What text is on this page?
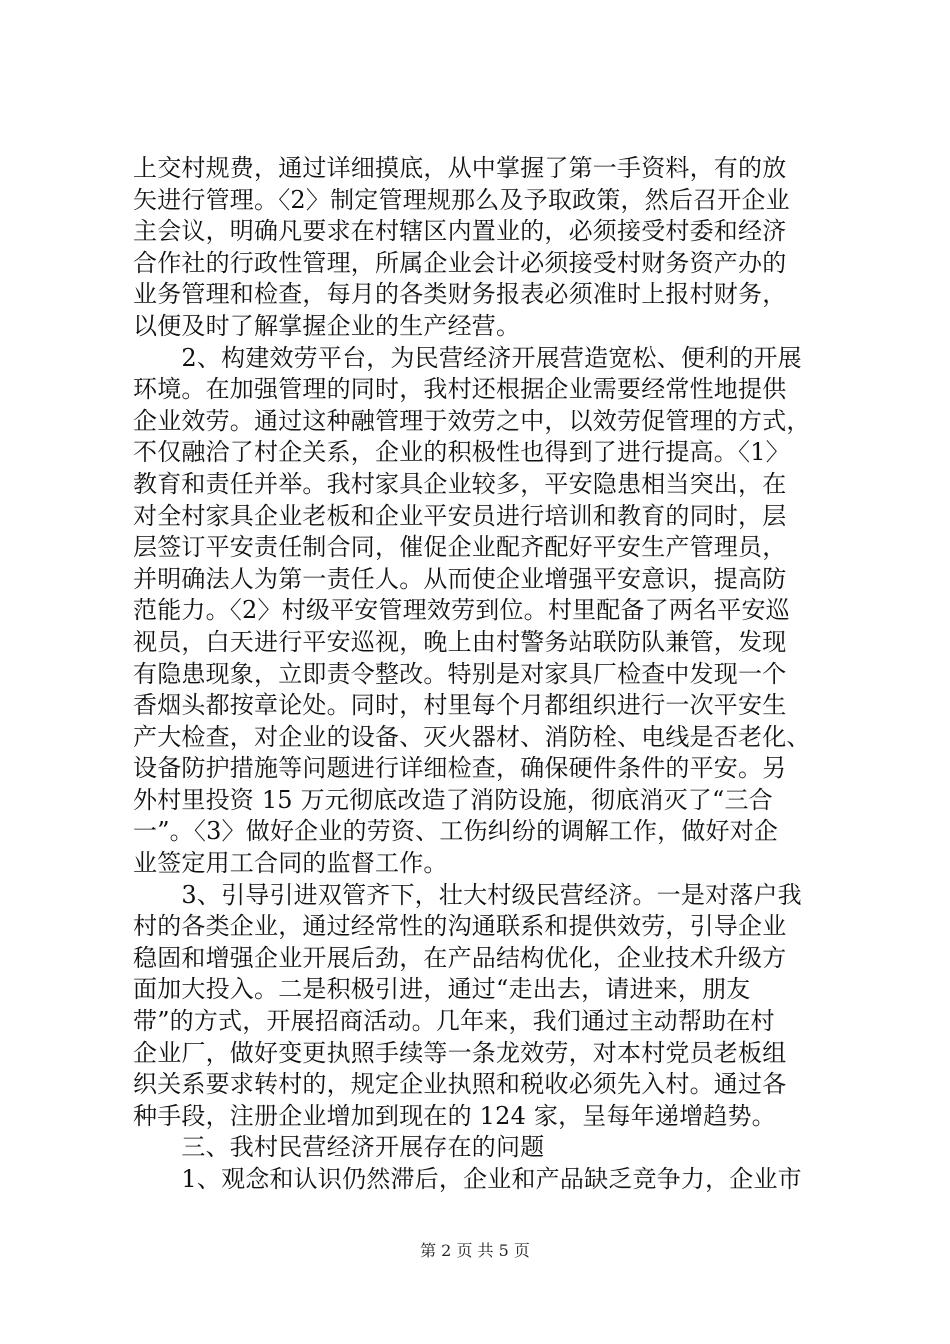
上交村规费，通过详细摸底，从中掌握了第一手资料，有的放
矢进行管理。〈2〉制定管理规那么及予取政策，然后召开企业
主会议，明确凡要求在村辖区内置业的，必须接受村委和经济
合作社的行政性管理，所属企业会计必须接受村财务资产办的
业务管理和检查，每月的各类财务报表必须准时上报村财务，
以便及时了解掌握企业的生产经营。
　　2、构建效劳平台，为民营经济开展营造宽松、便利的开展
环境。在加强管理的同时，我村还根据企业需要经常性地提供
企业效劳。通过这种融管理于效劳之中，以效劳促管理的方式，
不仅融洽了村企关系，企业的积极性也得到了进行提高。〈1〉
教育和责任并举。我村家具企业较多，平安隐患相当突出，在
对全村家具企业老板和企业平安员进行培训和教育的同时，层
层签订平安责任制合同，催促企业配齐配好平安生产管理员，
并明确法人为第一责任人。从而使企业增强平安意识，提高防
范能力。〈2〉村级平安管理效劳到位。村里配备了两名平安巡
视员，白天进行平安巡视，晚上由村警务站联防队兼管，发现
有隐患现象，立即责令整改。特别是对家具厂检查中发现一个
香烟头都按章论处。同时，村里每个月都组织进行一次平安生
产大检查，对企业的设备、灭火器材、消防栓、电线是否老化、
设备防护措施等问题进行详细检查，确保硬件条件的平安。另
外村里投资 15 万元彻底改造了消防设施，彻底消灭了“三合
一”。〈3〉做好企业的劳资、工伤纠纷的调解工作，做好对企
业签定用工合同的监督工作。
　　3、引导引进双管齐下，壮大村级民营经济。一是对落户我
村的各类企业，通过经常性的沟通联系和提供效劳，引导企业
稳固和增强企业开展后劲，在产品结构优化，企业技术升级方
面加大投入。二是积极引进，通过“走出去，请进来，朋友
带”的方式，开展招商活动。几年来，我们通过主动帮助在村
企业厂，做好变更执照手续等一条龙效劳，对本村党员老板组
织关系要求转村的，规定企业执照和税收必须先入村。通过各
种手段，注册企业增加到现在的 124 家，呈每年递增趋势。
　　三、我村民营经济开展存在的问题
　　1、观念和认识仍然滞后，企业和产品缺乏竞争力，企业市
第 2 页 共 5 页
